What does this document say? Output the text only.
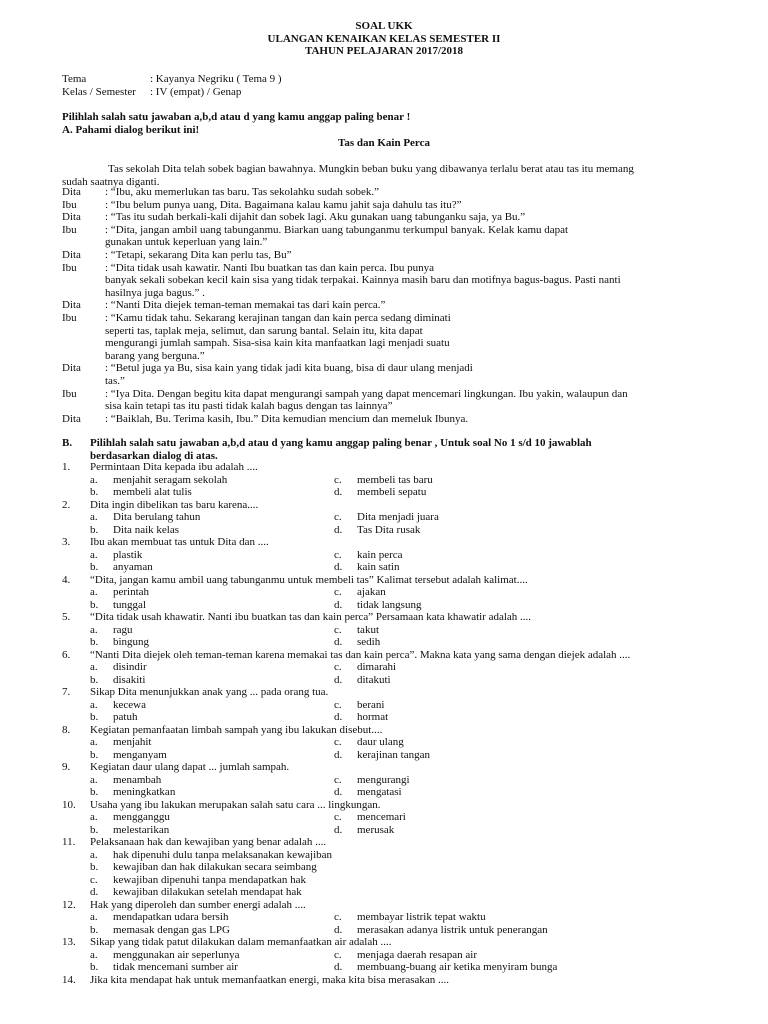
SOAL UKK
ULANGAN KENAIKAN KELAS SEMESTER II
TAHUN PELAJARAN 2017/2018
Tema	: Kayanya Negriku ( Tema 9 )
Kelas / Semester	: IV (empat) / Genap
Pilihlah salah satu jawaban a,b,d atau d yang kamu anggap paling benar !
A. Pahami dialog berikut ini!
Tas dan Kain Perca
Tas sekolah Dita telah sobek bagian bawahnya. Mungkin beban buku yang dibawanya terlalu berat atau tas itu memang
sudah saatnya diganti.
Dita	: “Ibu, aku memerlukan tas baru. Tas sekolahku sudah sobek.”
Ibu	: “Ibu belum punya uang, Dita. Bagaimana kalau kamu jahit saja dahulu tas itu?”
Dita	: “Tas itu sudah berkali-kali dijahit dan sobek lagi. Aku gunakan uang tabunganku saja, ya Bu.”
Ibu	: “Dita, jangan ambil uang tabunganmu. Biarkan uang tabunganmu terkumpul banyak. Kelak kamu dapat
gunakan untuk keperluan yang lain.”
Dita	: “Tetapi, sekarang Dita kan perlu tas, Bu”
Ibu	: “Dita tidak usah kawatir. Nanti Ibu buatkan tas dan kain perca. Ibu punya
banyak sekali sobekan kecil kain sisa yang tidak terpakai. Kainnya masih baru dan motifnya bagus-bagus. Pasti nanti
hasilnya juga bagus.” .
Dita	: “Nanti Dita diejek teman-teman memakai tas dari kain perca.”
Ibu	: “Kamu tidak tahu. Sekarang kerajinan tangan dan kain perca sedang diminati
seperti tas, taplak meja, selimut, dan sarung bantal. Selain itu, kita dapat
mengurangi jumlah sampah. Sisa-sisa kain kita manfaatkan lagi menjadi suatu
barang yang berguna.”
Dita	: “Betul juga ya Bu, sisa kain yang tidak jadi kita buang, bisa di daur ulang menjadi
tas.”
Ibu	: “Iya Dita. Dengan begitu kita dapat mengurangi sampah yang dapat mencemari lingkungan. Ibu yakin, walaupun dan
sisa kain tetapi tas itu pasti tidak kalah bagus dengan tas lainnya”
Dita	: “Baiklah, Bu. Terima kasih, Ibu.” Dita kemudian mencium dan memeluk Ibunya.
B.	Pilihlah salah satu jawaban a,b,d atau d yang kamu anggap paling benar , Untuk soal No 1 s/d 10 jawablah
berdasarkan dialog di atas.
1.	Permintaan Dita kepada ibu adalah ....
a.	menjahit seragam sekolah	c.	membeli tas baru
b.	membeli alat tulis	d.	membeli sepatu
2.	Dita ingin dibelikan tas baru karena....
a.	Dita berulang tahun	c.	Dita menjadi juara
b.	Dita naik kelas	d.	Tas Dita rusak
3.	Ibu akan membuat tas untuk Dita dan ....
a.	plastik	c.	kain perca
b.	anyaman	d.	kain satin
4.	“Dita, jangan kamu ambil uang tabunganmu untuk membeli tas” Kalimat tersebut adalah kalimat....
a.	perintah	c.	ajakan
b.	tunggal	d.	tidak langsung
5.	“Dita tidak usah khawatir. Nanti ibu buatkan tas dan kain perca” Persamaan kata khawatir adalah ....
a.	ragu	c.	takut
b.	bingung	d.	sedih
6.	“Nanti Dita diejek oleh teman-teman karena memakai tas dan kain perca”. Makna kata yang sama dengan diejek adalah ....
a.	disindir	c.	dimarahi
b.	disakiti	d.	ditakuti
7.	Sikap Dita menunjukkan anak yang ... pada orang tua.
a.	kecewa	c.	berani
b.	patuh	d.	hormat
8.	Kegiatan pemanfaatan limbah sampah yang ibu lakukan disebut....
a.	menjahit	c.	daur ulang
b.	menganyam	d.	kerajinan tangan
9.	Kegiatan daur ulang dapat ... jumlah sampah.
a.	menambah	c.	mengurangi
b.	meningkatkan	d.	mengatasi
10.	Usaha yang ibu lakukan merupakan salah satu cara ... lingkungan.
a.	mengganggu	c.	mencemari
b.	melestarikan	d.	merusak
11.	Pelaksanaan hak dan kewajiban yang benar adalah ....
a.	hak dipenuhi dulu tanpa melaksanakan kewajiban
b.	kewajiban dan hak dilakukan secara seimbang
c.	kewajiban dipenuhi tanpa mendapatkan hak
d.	kewajiban dilakukan setelah mendapat hak
12.	Hak yang diperoleh dan sumber energi adalah ....
a.	mendapatkan udara bersih	c.	membayar listrik tepat waktu
b.	memasak dengan gas LPG	d.	merasakan adanya listrik untuk penerangan
13.	Sikap yang tidak patut dilakukan dalam memanfaatkan air adalah ....
a.	menggunakan air seperlunya	c.	menjaga daerah resapan air
b.	tidak mencemani sumber air	d.	membuang-buang air ketika menyiram bunga
14.	Jika kita mendapat hak untuk memanfaatkan energi, maka kita bisa merasakan ....
